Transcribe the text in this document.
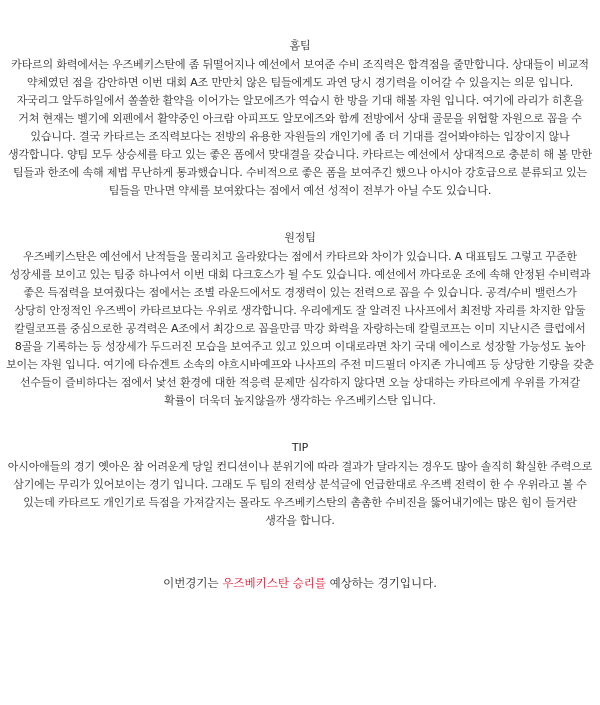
홈팀

카타르의 화력에서는 우즈베키스탄에 좀 뒤떨어지나 예선에서 보여준 수비 조직력은 합격점을 줄만합니다. 상대들이 비교적 약체였던 점을 감안하면 이번 대회 A조 만만치 않은 팀들에게도 과연 당시 경기력을 이어갈 수 있을지는 의문 입니다. 자국리그 알두하일에서 쏠쏠한 활약을 이어가는 알모에즈가 역습시 한 방을 기대 해볼 자원 입니다. 여기에 라리가 히혼을 거쳐 현재는 벨기에 외펜에서 활약중인 아크람 아피프도 알모에즈와 함께 전방에서 상대 골문을 위협할 자원으로 꼽을 수 있습니다. 결국 카타르는 조직력보다는 전방의 유용한 자원들의 개인기에 좀 더 기대를 걸어봐야하는 입장이지 않나 생각합니다. 양팀 모두 상승세를 타고 있는 좋은 폼에서 맞대결을 갖습니다. 카타르는 예선에서 상대적으로 충분히 해 볼 만한 팀들과 한조에 속해 제법 무난하게 통과했습니다. 수비적으로 좋은 폼을 보여주긴 했으나 아시아 강호급으로 분류되고 있는 팀들을 만나면 약세를 보여왔다는 점에서 예선 성적이 전부가 아닐 수도 있습니다.

원정팀

우즈베키스탄은 예선에서 난적들을 물리치고 올라왔다는 점에서 카타르와 차이가 있습니다. A 대표팀도 그렇고 꾸준한 성장세를 보이고 있는 팀중 하나여서 이번 대회 다크호스가 될 수도 있습니다. 예선에서 까다로운 조에 속해 안정된 수비력과 좋은 득점력을 보여줬다는 점에서는 조별 라운드에서도 경쟁력이 있는 전력으로 꼽을 수 있습니다. 공격/수비 밸런스가 상당히 안정적인 우즈벡이 카타르보다는 우위로 생각합니다. 우리에게도 잘 알려진 나사프에서 최전방 자리를 차지한 압둘 칼릴코프를 중심으로한 공격력은 A조에서 최강으로 꼽을만큼 막강 화력을 자랑하는데 칼릴코프는 이미 지난시즌 클럽에서 8골을 기록하는 등 성장세가 두드러진 모습을 보여주고 있고 있으며 이대로라면 차기 국대 에이스로 성장할 가능성도 높아 보이는 자원 입니다. 여기에 타슈겐트 소속의 야흐시바예프와 나사프의 주전 미드필더 아지존 가니예프 등 상당한 기량을 갖춘 선수들이 즐비하다는 점에서 낯선 환경에 대한 적응력 문제만 심각하지 않다면 오늘 상대하는 카타르에게 우위를 가져갈 확률이 더욱더 높지않을까 생각하는 우즈베키스탄 입니다.

TIP

아시아애들의 경기 옛아은 참 어려운게 당일 컨디션이나 분위기에 따라 결과가 달라지는 경우도 많아 솔직히 확실한 주력으로 삼기에는 무리가 있어보이는 경기 입니다. 그래도 두 팀의 전력상 분석글에 언급한대로 우즈벡 전력이 한 수 우위라고 볼 수 있는데 카타르도 개인기로 득점을 가져갈지는 몰라도 우즈베키스탄의 촘촘한 수비진을 뚫어내기에는 많은 힘이 들거란 생각을 합니다.

이번경기는 우즈베키스탄 승리를 예상하는 경기입니다.
